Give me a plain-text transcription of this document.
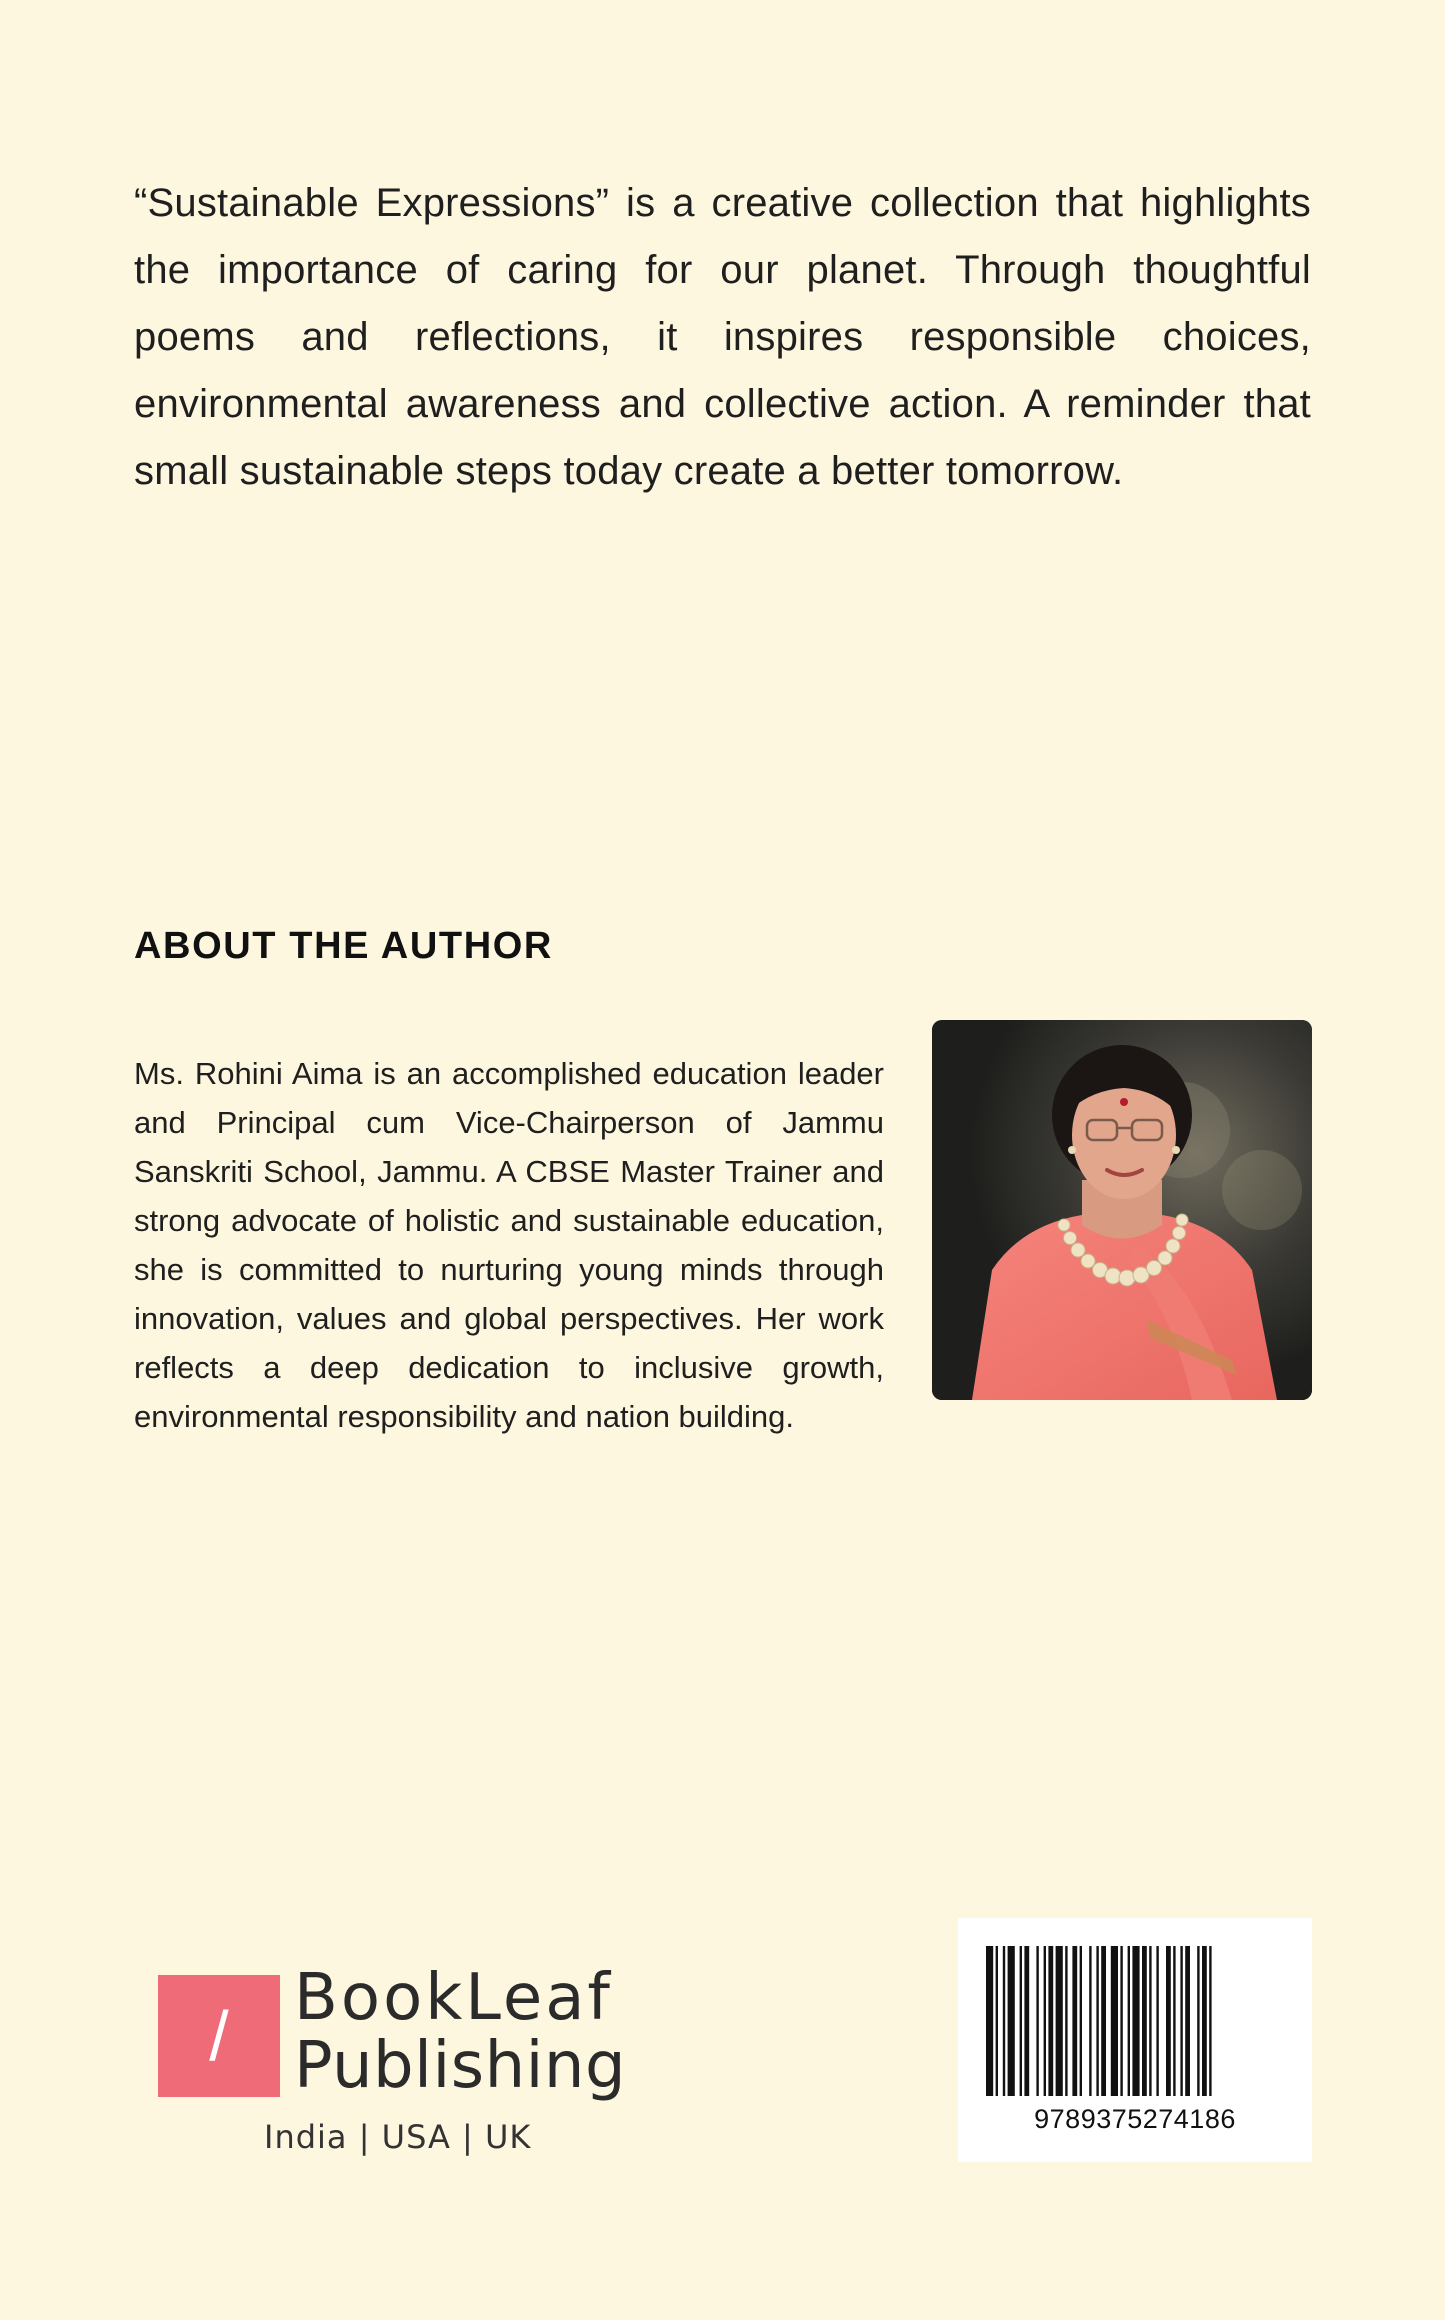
“Sustainable Expressions” is a creative collection that highlights the importance of caring for our planet. Through thoughtful poems and reflections, it inspires responsible choices, environmental awareness and collective action. A reminder that small sustainable steps today create a better tomorrow.

ABOUT THE AUTHOR

Ms. Rohini Aima is an accomplished education leader and Principal cum Vice-Chairperson of Jammu Sanskriti School, Jammu. A CBSE Master Trainer and strong advocate of holistic and sustainable education, she is committed to nurturing young minds through innovation, values and global perspectives. Her work reflects a deep dedication to inclusive growth, environmental responsibility and nation building.

/	BookLeaf
Publishing
India | USA | UK	9789375274186
